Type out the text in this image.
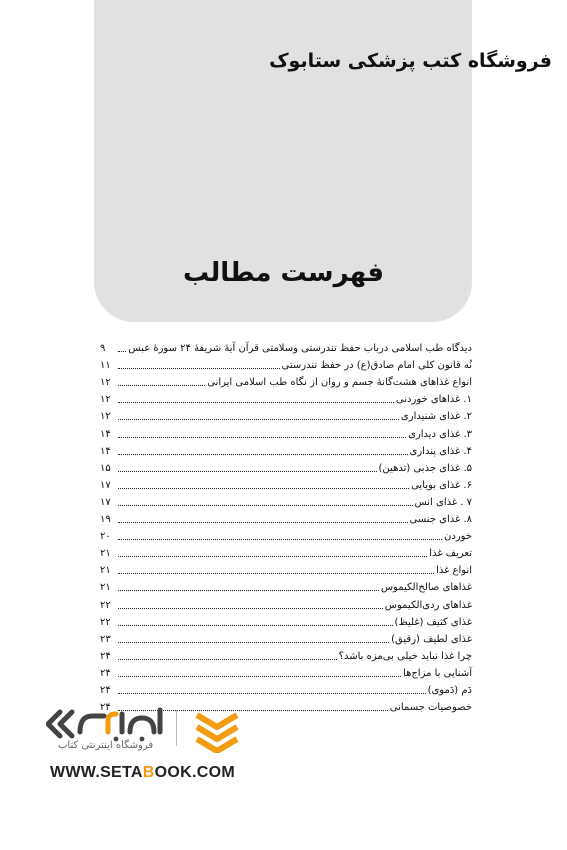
فروشگاه کتب پزشکی ستابوک
فهرست مطالب
دیدگاه طب اسلامی درباب حفظ تندرستی وسلامتی قرآن آیهٔ شریفهٔ ۲۴ سورهٔ عبس
۹
نُه قانون کلی امام صادق(ع) در حفظ تندرستی
۱۱
انواع غذاهای هشت‌گانهٔ جسم و روان از نگاه طب اسلامی ایرانی
۱۲
۱. غذاهای خوردنی
۱۲
۲. غذای شنیداری
۱۲
۳. غذای دیداری
۱۴
۴. غذای پنداری
۱۴
۵. غذای جذبی (تدهین)
۱۵
۶. غذای بویایی
۱۷
۷ . غذای انس
۱۷
۸. غذای جنسی
۱۹
خوردن
۲۰
تعریف غذا
۲۱
انواع غذا
۲۱
غذاهای صالح‌الکیموس
۲۱
غذاهای ردی‌الکیموس
۲۲
غذای کثیف (غلیظ)
۲۲
غذای لطیف (رقیق)
۲۳
چرا غذا نباید خیلی بی‌مزه باشد؟
۲۴
آشنایی با مزاج‌ها
۲۴
دَم (دَموی)
۲۴
خصوصیات جسمانی
۲۴
فروشگاه اینترنتی کتاب

WWW.SETABOOK.COM
